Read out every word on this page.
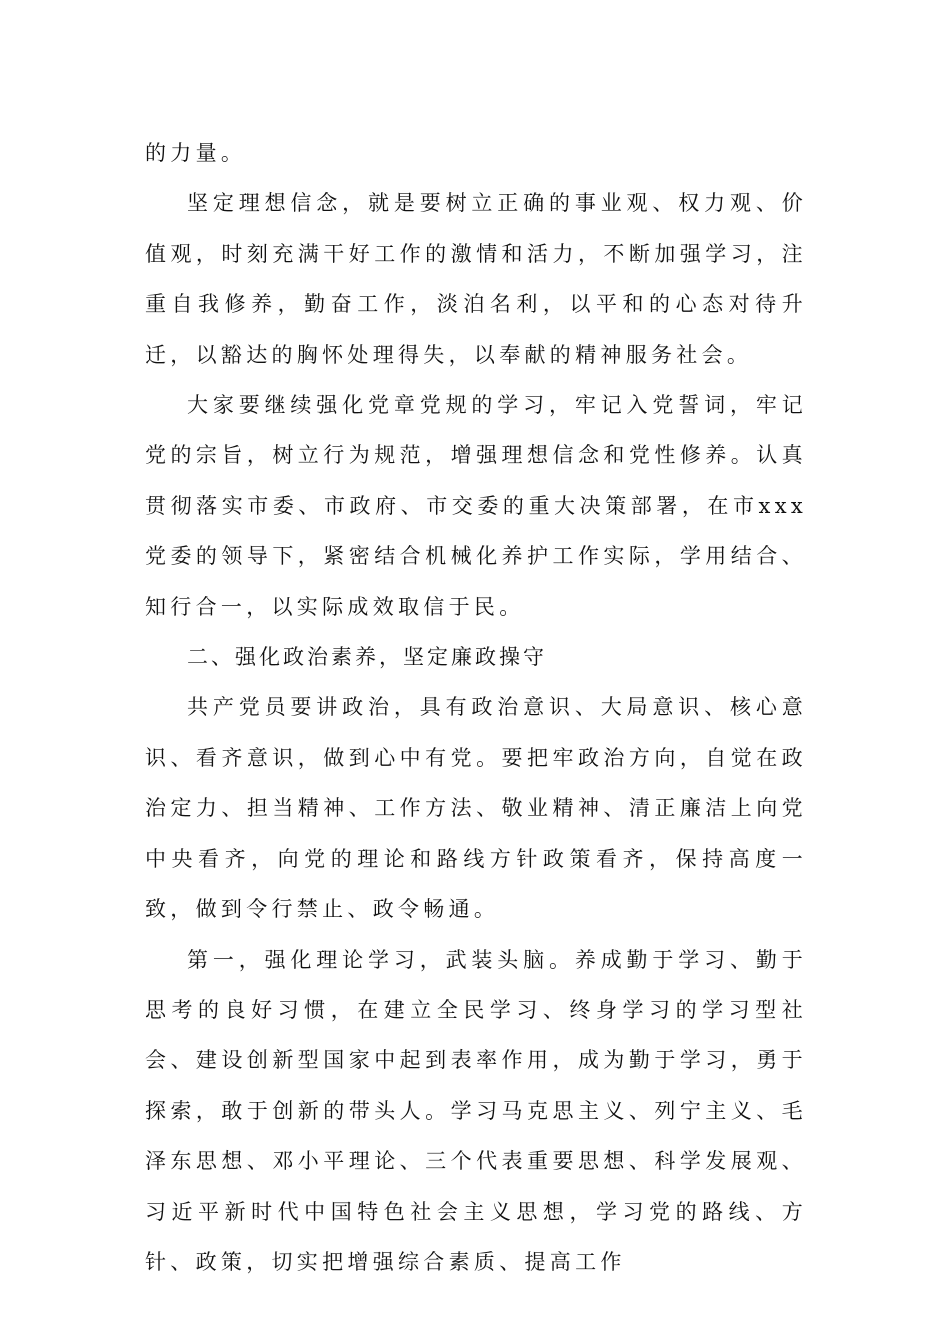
的力量。

坚定理想信念，就是要树立正确的事业观、权力观、价值观，时刻充满干好工作的激情和活力，不断加强学习，注重自我修养，勤奋工作，淡泊名利，以平和的心态对待升迁，以豁达的胸怀处理得失，以奉献的精神服务社会。

大家要继续强化党章党规的学习，牢记入党誓词，牢记党的宗旨，树立行为规范，增强理想信念和党性修养。认真贯彻落实市委、市政府、市交委的重大决策部署，在市xxx党委的领导下，紧密结合机械化养护工作实际，学用结合、知行合一，以实际成效取信于民。

二、强化政治素养，坚定廉政操守

共产党员要讲政治，具有政治意识、大局意识、核心意识、看齐意识，做到心中有党。要把牢政治方向，自觉在政治定力、担当精神、工作方法、敬业精神、清正廉洁上向党中央看齐，向党的理论和路线方针政策看齐，保持高度一致，做到令行禁止、政令畅通。

第一，强化理论学习，武装头脑。养成勤于学习、勤于思考的良好习惯，在建立全民学习、终身学习的学习型社会、建设创新型国家中起到表率作用，成为勤于学习，勇于探索，敢于创新的带头人。学习马克思主义、列宁主义、毛泽东思想、邓小平理论、三个代表重要思想、科学发展观、习近平新时代中国特色社会主义思想，学习党的路线、方针、政策，切实把增强综合素质、提高工作
